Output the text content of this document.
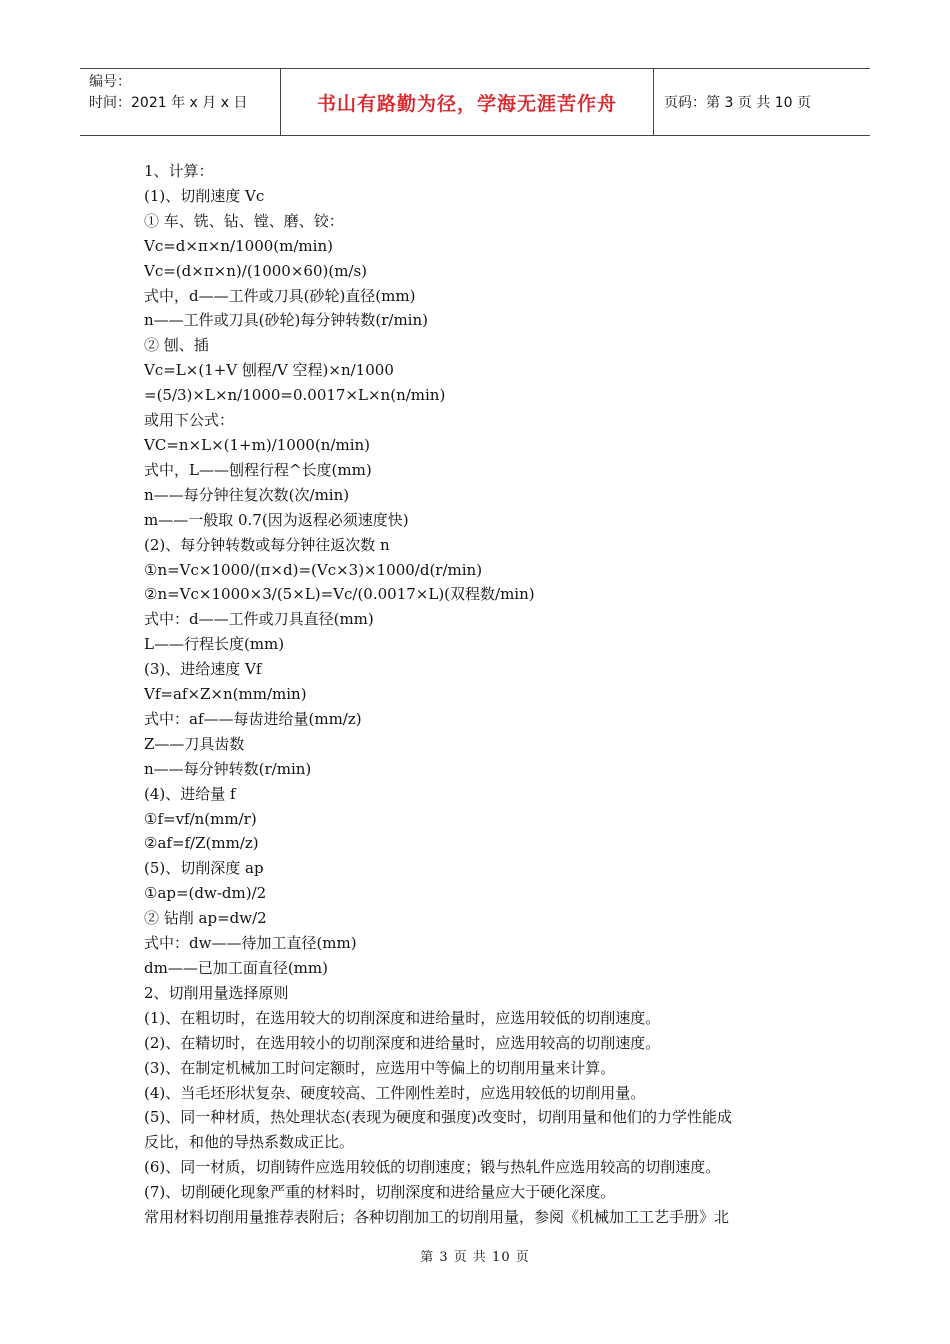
编号：
时间：2021 年 x 月 x 日	书山有路勤为径，学海无涯苦作舟	页码：第 3 页 共 10 页
1、计算：
(1)、切削速度 Vc
① 车、铣、钻、镗、磨、铰：
Vc=d×π×n/1000(m/min)
Vc=(d×π×n)/(1000×60)(m/s)
式中，d——工件或刀具(砂轮)直径(mm)
n——工件或刀具(砂轮)每分钟转数(r/min)
② 刨、插
Vc=L×(1+V 刨程/V 空程)×n/1000
=(5/3)×L×n/1000=0.0017×L×n(n/min)
或用下公式：
VC=n×L×(1+m)/1000(n/min)
式中，L——刨程行程^长度(mm)
n——每分钟往复次数(次/min)
m——一般取 0.7(因为返程必须速度快)
(2)、每分钟转数或每分钟往返次数 n
①n=Vc×1000/(π×d)=(Vc×3)×1000/d(r/min)
②n=Vc×1000×3/(5×L)=Vc/(0.0017×L)(双程数/min)
式中：d——工件或刀具直径(mm)
L——行程长度(mm)
(3)、进给速度 Vf
Vf=af×Z×n(mm/min)
式中：af——每齿进给量(mm/z)
Z——刀具齿数
n——每分钟转数(r/min)
(4)、进给量 f
①f=vf/n(mm/r)
②af=f/Z(mm/z)
(5)、切削深度 ap
①ap=(dw-dm)/2
② 钻削 ap=dw/2
式中：dw——待加工直径(mm)
dm——已加工面直径(mm)
2、切削用量选择原则
(1)、在粗切时，在选用较大的切削深度和进给量时，应选用较低的切削速度。
(2)、在精切时，在选用较小的切削深度和进给量时，应选用较高的切削速度。
(3)、在制定机械加工时问定额时，应选用中等偏上的切削用量来计算。
(4)、当毛坯形状复杂、硬度较高、工件刚性差时，应选用较低的切削用量。
(5)、同一种材质，热处理状态(表现为硬度和强度)改变时，切削用量和他们的力学性能成
反比，和他的导热系数成正比。
(6)、同一材质，切削铸件应选用较低的切削速度；锻与热轧件应选用较高的切削速度。
(7)、切削硬化现象严重的材料时，切削深度和进给量应大于硬化深度。
常用材料切削用量推荐表附后；各种切削加工的切削用量，参阅《机械加工工艺手册》北
第 3 页 共 10 页
